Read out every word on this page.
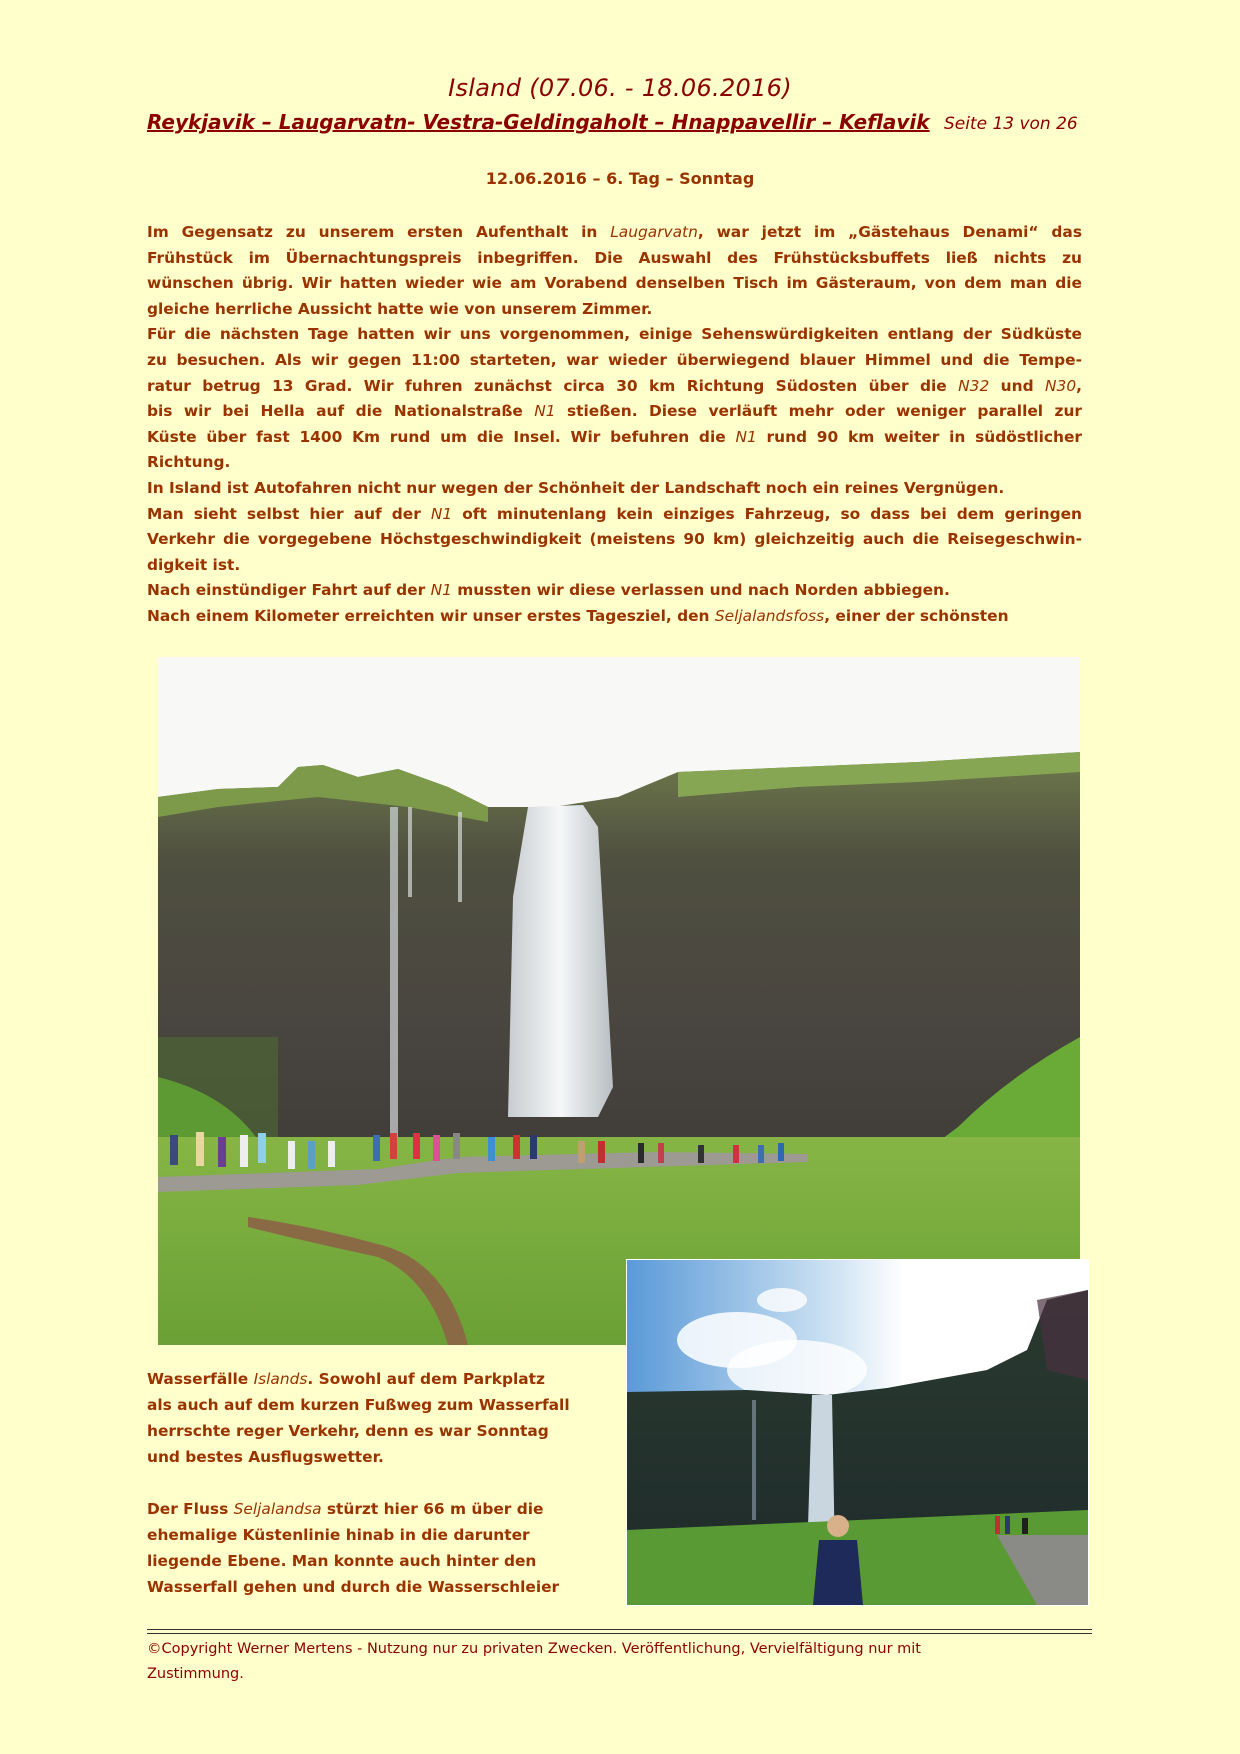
Island (07.06. - 18.06.2016)
Reykjavik – Laugarvatn- Vestra-Geldingaholt – Hnappavellir – Keflavik Seite 13 von 26
12.06.2016 – 6. Tag – Sonntag
Im Gegensatz zu unserem ersten Aufenthalt in Laugarvatn, war jetzt im „Gästehaus Denami“ das
Frühstück im Übernachtungspreis inbegriffen. Die Auswahl des Frühstücksbuffets ließ nichts zu
wünschen übrig. Wir hatten wieder wie am Vorabend denselben Tisch im Gästeraum, von dem man die
gleiche herrliche Aussicht hatte wie von unserem Zimmer.
Für die nächsten Tage hatten wir uns vorgenommen, einige Sehenswürdigkeiten entlang der Südküste
zu besuchen. Als wir gegen 11:00 starteten, war wieder überwiegend blauer Himmel und die Tempe-
ratur betrug 13 Grad. Wir fuhren zunächst circa 30 km Richtung Südosten über die N32 und N30,
bis wir bei Hella auf die Nationalstraße N1 stießen. Diese verläuft mehr oder weniger parallel zur
Küste über fast 1400 Km rund um die Insel. Wir befuhren die N1 rund 90 km weiter in südöstlicher
Richtung.
In Island ist Autofahren nicht nur wegen der Schönheit der Landschaft noch ein reines Vergnügen.
Man sieht selbst hier auf der N1 oft minutenlang kein einziges Fahrzeug, so dass bei dem geringen
Verkehr die vorgegebene Höchstgeschwindigkeit (meistens 90 km) gleichzeitig auch die Reisegeschwin-
digkeit ist.
Nach einstündiger Fahrt auf der N1 mussten wir diese verlassen und nach Norden abbiegen.
Nach einem Kilometer erreichten wir unser erstes Tagesziel, den Seljalandsfoss, einer der schönsten
Wasserfälle Islands. Sowohl auf dem Parkplatz
als auch auf dem kurzen Fußweg zum Wasserfall
herrschte reger Verkehr, denn es war Sonntag
und bestes Ausflugswetter.
Der Fluss Seljalandsa stürzt hier 66 m über die
ehemalige Küstenlinie hinab in die darunter
liegende Ebene. Man konnte auch hinter den
Wasserfall gehen und durch die Wasserschleier
©Copyright Werner Mertens - Nutzung nur zu privaten Zwecken. Veröffentlichung, Vervielfältigung nur mit Zustimmung.
